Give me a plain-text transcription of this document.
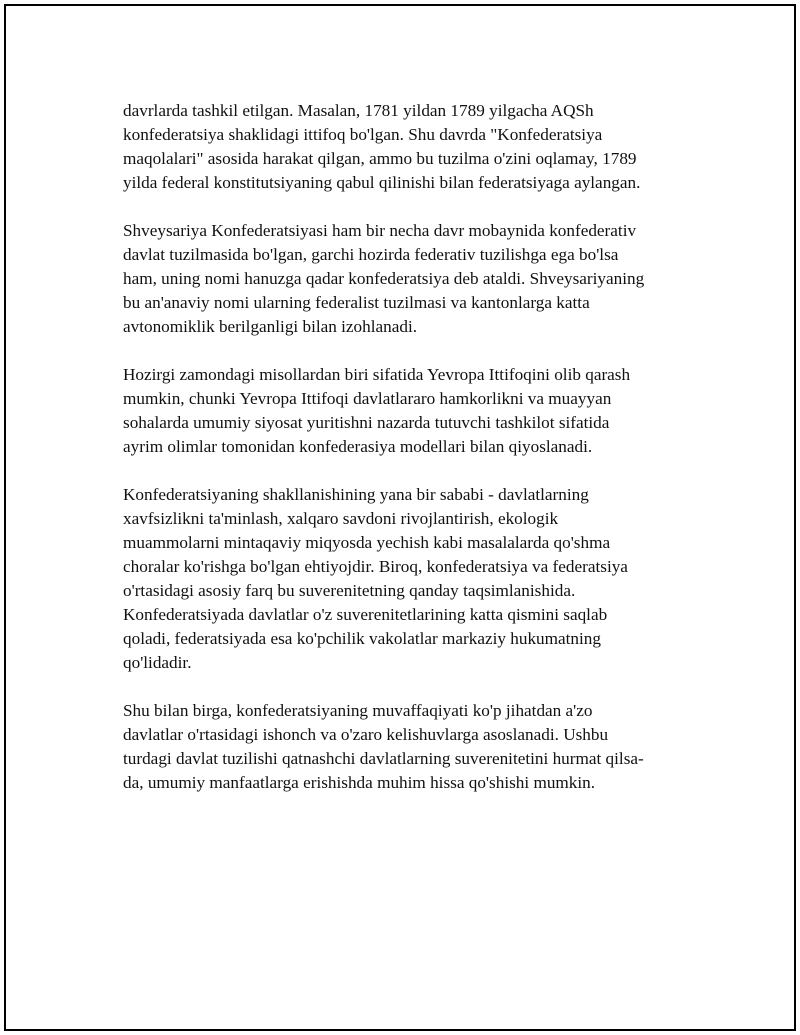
davrlarda tashkil etilgan. Masalan, 1781 yildan 1789 yilgacha AQSh
konfederatsiya shaklidagi ittifoq bo'lgan. Shu davrda "Konfederatsiya
maqolalari" asosida harakat qilgan, ammo bu tuzilma o'zini oqlamay, 1789
yilda federal konstitutsiyaning qabul qilinishi bilan federatsiyaga aylangan.

Shveysariya Konfederatsiyasi ham bir necha davr mobaynida konfederativ
davlat tuzilmasida bo'lgan, garchi hozirda federativ tuzilishga ega bo'lsa
ham, uning nomi hanuzga qadar konfederatsiya deb ataldi. Shveysariyaning
bu an'anaviy nomi ularning federalist tuzilmasi va kantonlarga katta
avtonomiklik berilganligi bilan izohlanadi.

Hozirgi zamondagi misollardan biri sifatida Yevropa Ittifoqini olib qarash
mumkin, chunki Yevropa Ittifoqi davlatlararo hamkorlikni va muayyan
sohalarda umumiy siyosat yuritishni nazarda tutuvchi tashkilot sifatida
ayrim olimlar tomonidan konfederasiya modellari bilan qiyoslanadi.

Konfederatsiyaning shakllanishining yana bir sababi - davlatlarning
xavfsizlikni ta'minlash, xalqaro savdoni rivojlantirish, ekologik
muammolarni mintaqaviy miqyosda yechish kabi masalalarda qo'shma
choralar ko'rishga bo'lgan ehtiyojdir. Biroq, konfederatsiya va federatsiya
o'rtasidagi asosiy farq bu suverenitetning qanday taqsimlanishida.
Konfederatsiyada davlatlar o'z suverenitetlarining katta qismini saqlab
qoladi, federatsiyada esa ko'pchilik vakolatlar markaziy hukumatning
qo'lidadir.

Shu bilan birga, konfederatsiyaning muvaffaqiyati ko'p jihatdan a'zo
davlatlar o'rtasidagi ishonch va o'zaro kelishuvlarga asoslanadi. Ushbu
turdagi davlat tuzilishi qatnashchi davlatlarning suverenitetini hurmat qilsa-
da, umumiy manfaatlarga erishishda muhim hissa qo'shishi mumkin.
